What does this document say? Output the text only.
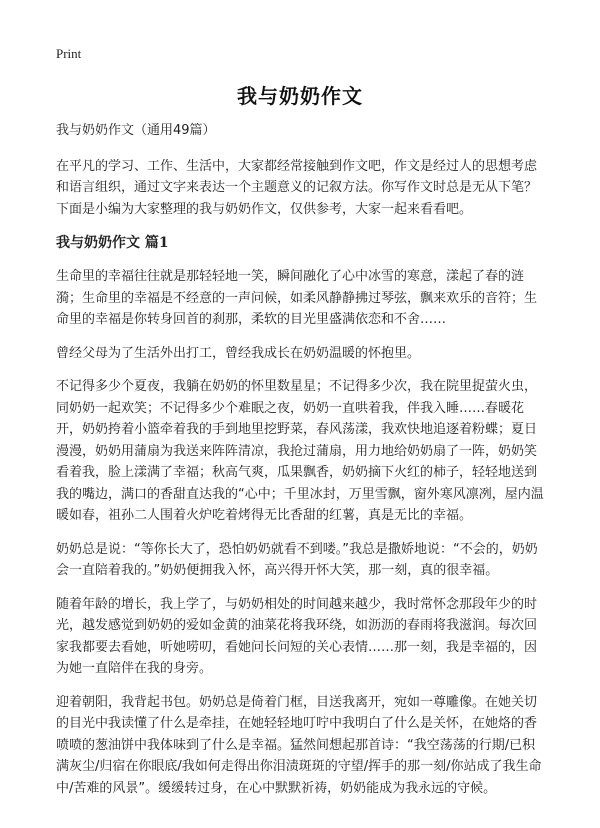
Print
我与奶奶作文

我与奶奶作文（通用49篇）

在平凡的学习、工作、生活中，大家都经常接触到作文吧，作文是经过人的思想考虑和语言组织，通过文字来表达一个主题意义的记叙方法。你写作文时总是无从下笔？下面是小编为大家整理的我与奶奶作文，仅供参考，大家一起来看看吧。

我与奶奶作文 篇1

生命里的幸福往往就是那轻轻地一笑，瞬间融化了心中冰雪的寒意，漾起了春的涟漪；生命里的幸福是不经意的一声问候，如柔风静静拂过琴弦，飘来欢乐的音符；生命里的幸福是你转身回首的刹那，柔软的目光里盛满依恋和不舍……

曾经父母为了生活外出打工，曾经我成长在奶奶温暖的怀抱里。

不记得多少个夏夜，我躺在奶奶的怀里数星星；不记得多少次，我在院里捉萤火虫，同奶奶一起欢笑；不记得多少个难眠之夜，奶奶一直哄着我，伴我入睡……春暖花开，奶奶挎着小篮牵着我的手到地里挖野菜，春风荡漾，我欢快地追逐着粉蝶；夏日漫漫，奶奶用蒲扇为我送来阵阵清凉，我抢过蒲扇，用力地给奶奶扇了一阵，奶奶笑看着我，脸上漾满了幸福；秋高气爽，瓜果飘香，奶奶摘下火红的柿子，轻轻地送到我的嘴边，满口的香甜直达我的“心中；千里冰封，万里雪飘，窗外寒风凛冽，屋内温暖如春，祖孙二人围着火炉吃着烤得无比香甜的红薯，真是无比的幸福。

奶奶总是说：“等你长大了，恐怕奶奶就看不到喽。”我总是撒娇地说：“不会的，奶奶会一直陪着我的。”奶奶便拥我入怀，高兴得开怀大笑，那一刻，真的很幸福。

随着年龄的增长，我上学了，与奶奶相处的时间越来越少，我时常怀念那段年少的时光，越发感觉到奶奶的爱如金黄的油菜花将我环绕，如沥沥的春雨将我滋润。每次回家我都要去看她，听她唠叨，看她问长问短的关心表情……那一刻，我是幸福的，因为她一直陪伴在我的身旁。

迎着朝阳，我背起书包。奶奶总是倚着门框，目送我离开，宛如一尊雕像。在她关切的目光中我读懂了什么是牵挂，在她轻轻地叮咛中我明白了什么是关怀，在她烙的香喷喷的葱油饼中我体味到了什么是幸福。猛然间想起那首诗：“我空荡荡的行期/已积满灰尘/归宿在你眼底/我如何走得出你泪渍斑斑的守望/挥手的那一刻/你站成了我生命中/苦难的风景”。缓缓转过身，在心中默默祈祷，奶奶能成为我永远的守候。
